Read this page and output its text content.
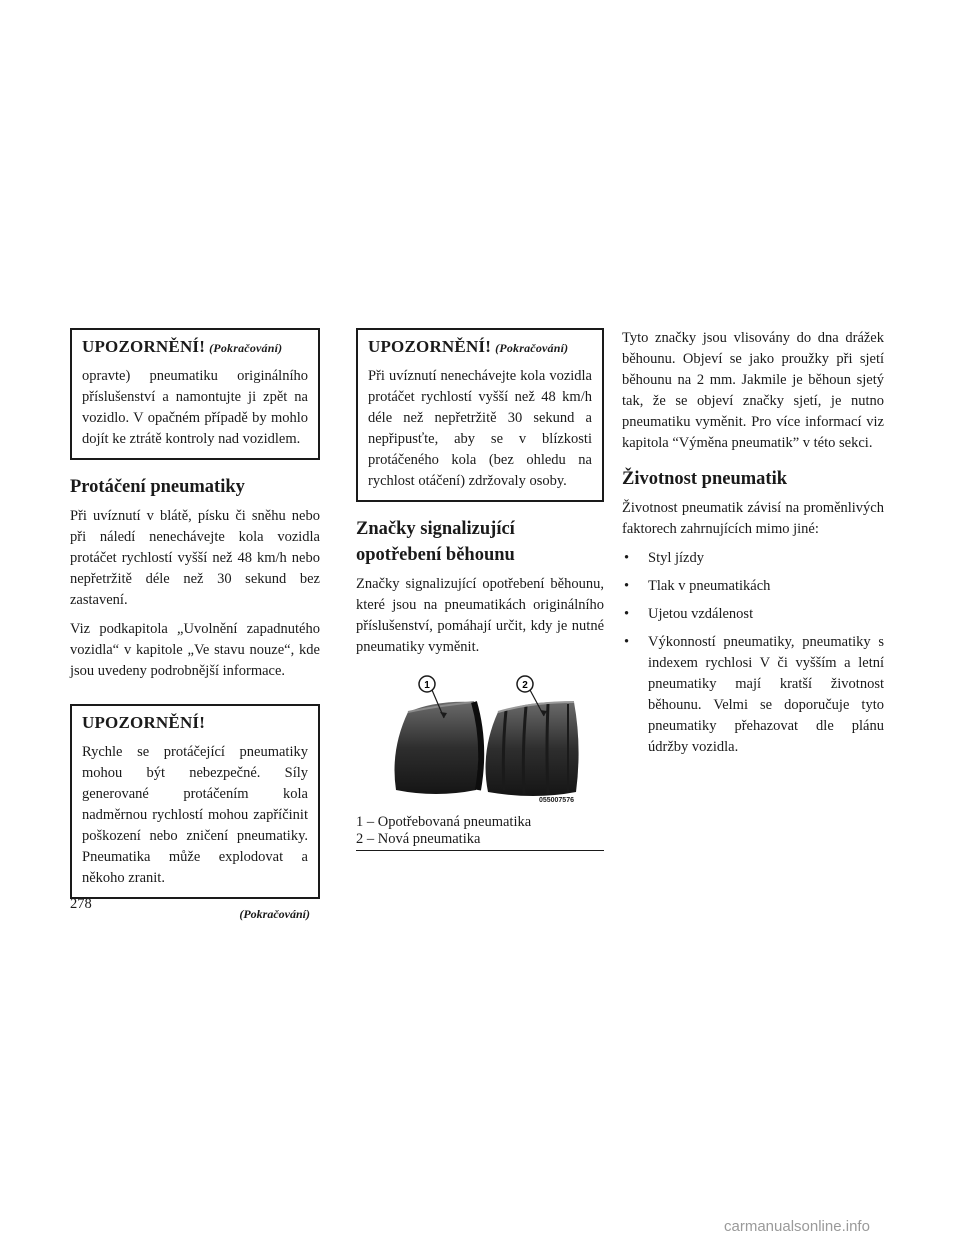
UPOZORNĚNÍ! (Pokračování)

opravte) pneumatiku originálního příslušenství a namontujte ji zpět na vozidlo. V opačném případě by mohlo dojít ke ztrátě kontroly nad vozidlem.

Protáčení pneumatiky

Při uvíznutí v blátě, písku či sněhu nebo při náledí nenechávejte kola vozidla protáčet rychlostí vyšší než 48 km/h nebo nepřetržitě déle než 30 sekund bez zastavení.

Viz podkapitola „Uvolnění zapadnutého vozidla“ v kapitole „Ve stavu nouze“, kde jsou uvedeny podrobnější informace.

UPOZORNĚNÍ!

Rychle se protáčející pneumatiky mohou být nebezpečné. Síly generované protáčením kola nadměrnou rychlostí mohou zapříčinit poškození nebo zničení pneumatiky. Pneumatika může explodovat a někoho zranit.

(Pokračování)
UPOZORNĚNÍ! (Pokračování)

Při uvíznutí nenechávejte kola vozidla protáčet rychlostí vyšší než 48 km/h déle než nepřetržitě 30 sekund a nepřipusťte, aby se v blízkosti protáčeného kola (bez ohledu na rychlost otáčení) zdržovaly osoby.

Značky signalizující opotřebení běhounu

Značky signalizující opotřebení běhounu, které jsou na pneumatikách originálního příslušenství, pomáhají určit, kdy je nutné pneumatiky vyměnit.

1	2
055007576
1 – Opotřebovaná pneumatika
2 – Nová pneumatika

Tyto značky jsou vlisovány do dna drážek běhounu. Objeví se jako proužky při sjetí běhounu na 2 mm. Jakmile je běhoun sjetý tak, že se objeví značky sjetí, je nutno pneumatiku vyměnit. Pro více informací viz kapitola “Výměna pneumatik” v této sekci.

Životnost pneumatik

Životnost pneumatik závisí na proměnlivých faktorech zahrnujících mimo jiné:

• Styl jízdy
• Tlak v pneumatikách
• Ujetou vzdálenost
• Výkonností pneumatiky, pneumatiky s indexem rychlosi V či vyšším a letní pneumatiky mají kratší životnost běhounu. Velmi se doporučuje tyto pneumatiky přehazovat dle plánu údržby vozidla.
278
carmanualsonline.info
